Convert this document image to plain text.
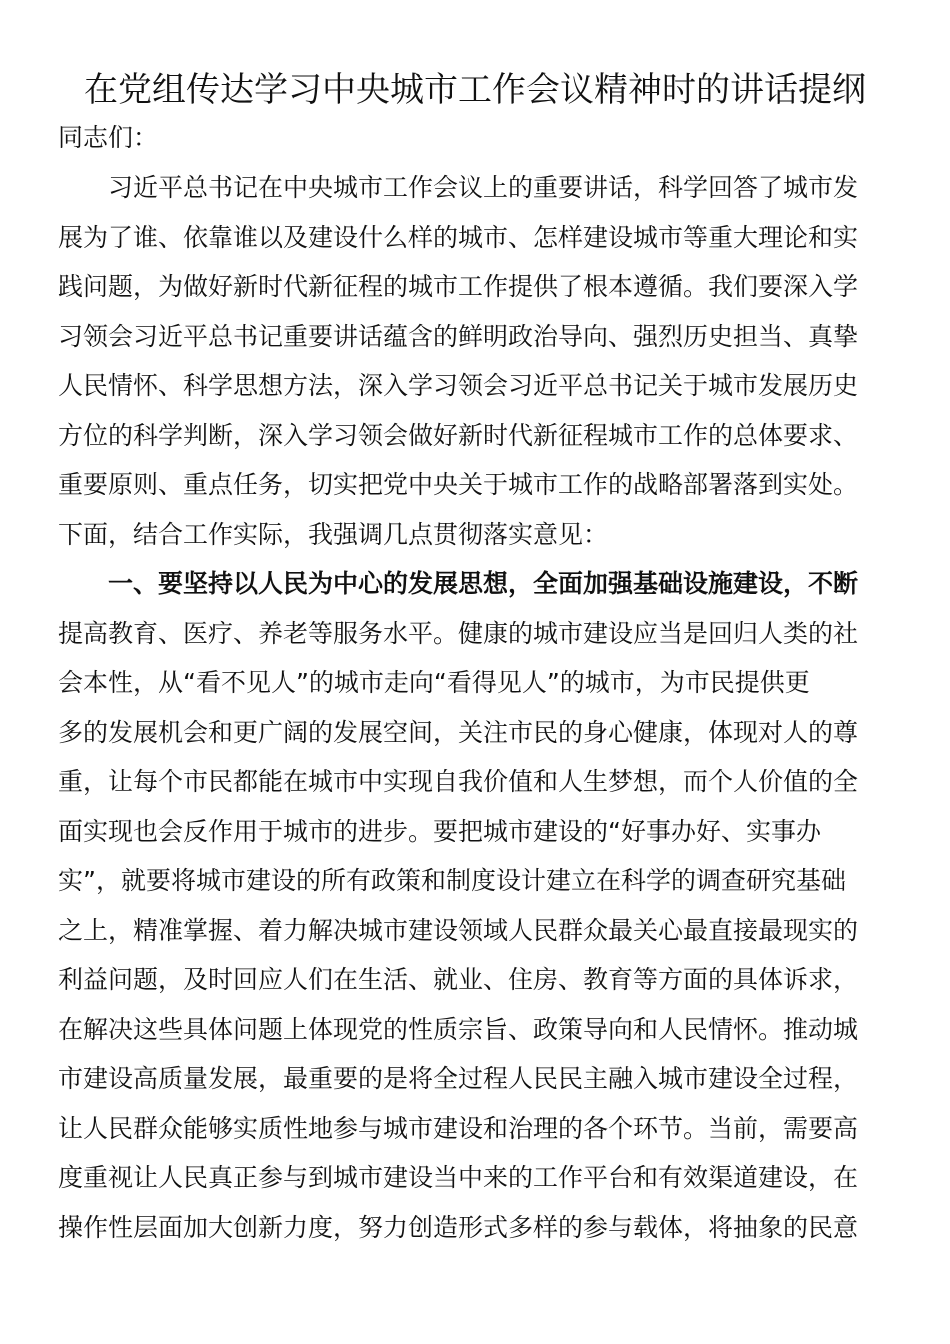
在党组传达学习中央城市工作会议精神时的讲话提纲
同志们：
习近平总书记在中央城市工作会议上的重要讲话，科学回答了城市发
展为了谁、依靠谁以及建设什么样的城市、怎样建设城市等重大理论和实
践问题，为做好新时代新征程的城市工作提供了根本遵循。我们要深入学
习领会习近平总书记重要讲话蕴含的鲜明政治导向、强烈历史担当、真挚
人民情怀、科学思想方法，深入学习领会习近平总书记关于城市发展历史
方位的科学判断，深入学习领会做好新时代新征程城市工作的总体要求、
重要原则、重点任务，切实把党中央关于城市工作的战略部署落到实处。
下面，结合工作实际，我强调几点贯彻落实意见：
一、要坚持以人民为中心的发展思想，全面加强基础设施建设，不断
提高教育、医疗、养老等服务水平。健康的城市建设应当是回归人类的社
会本性，从“看不见人”的城市走向“看得见人”的城市，为市民提供更
多的发展机会和更广阔的发展空间，关注市民的身心健康，体现对人的尊
重，让每个市民都能在城市中实现自我价值和人生梦想，而个人价值的全
面实现也会反作用于城市的进步。要把城市建设的“好事办好、实事办
实”，就要将城市建设的所有政策和制度设计建立在科学的调查研究基础
之上，精准掌握、着力解决城市建设领域人民群众最关心最直接最现实的
利益问题，及时回应人们在生活、就业、住房、教育等方面的具体诉求，
在解决这些具体问题上体现党的性质宗旨、政策导向和人民情怀。推动城
市建设高质量发展，最重要的是将全过程人民民主融入城市建设全过程，
让人民群众能够实质性地参与城市建设和治理的各个环节。当前，需要高
度重视让人民真正参与到城市建设当中来的工作平台和有效渠道建设，在
操作性层面加大创新力度，努力创造形式多样的参与载体，将抽象的民意
